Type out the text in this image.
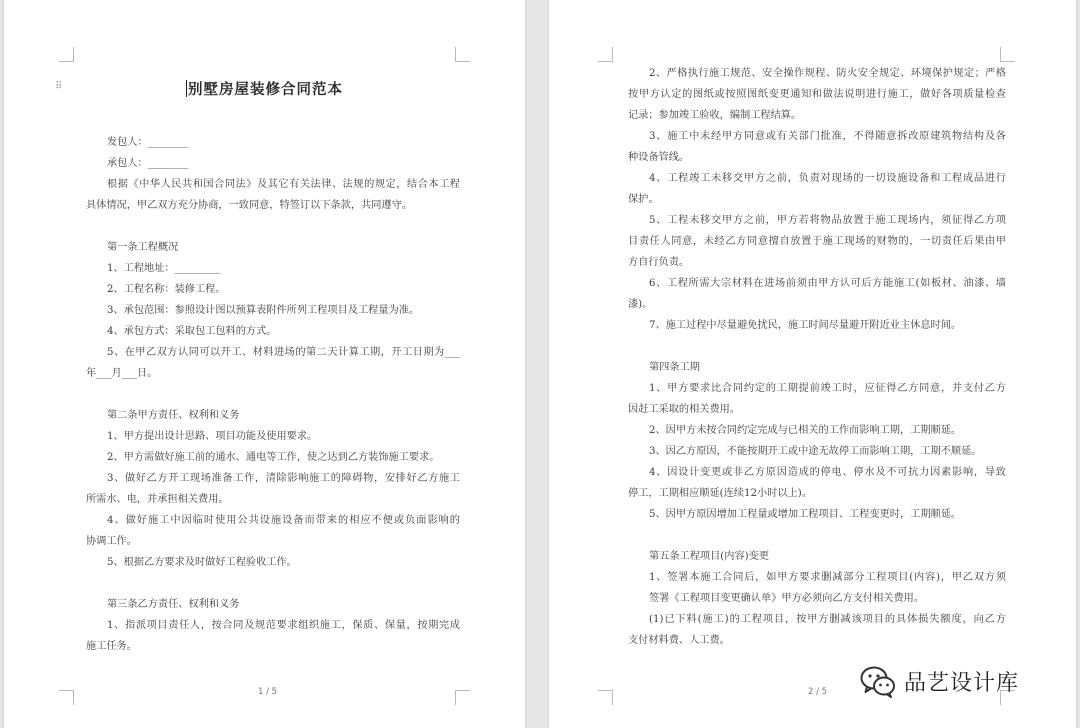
⠿	别墅房屋装修合同范本
发包人：________
承包人：________
根据《中华人民共和国合同法》及其它有关法律、法规的规定，结合本工程
具体情况，甲乙双方充分协商，一致同意，特签订以下条款，共同遵守。
第一条工程概况
1、工程地址：_________
2、工程名称：装修工程。
3、承包范围：参照设计图以预算表附件所列工程项目及工程量为准。
4、承包方式：采取包工包料的方式。
5、在甲乙双方认同可以开工、材料进场的第二天计算工期，开工日期为___
年___月___日。
第二条甲方责任、权利和义务
1、甲方提出设计思路、项目功能及使用要求。
2、甲方需做好施工前的通水、通电等工作，使之达到乙方装饰施工要求。
3、做好乙方开工现场准备工作，清除影响施工的障碍物，安排好乙方施工
所需水、电，并承担相关费用。
4、做好施工中因临时使用公共设施设备而带来的相应不便或负面影响的
协调工作。
5、根据乙方要求及时做好工程验收工作。
第三条乙方责任、权利和义务
1、指派项目责任人，按合同及规范要求组织施工，保质、保量，按期完成
施工任务。
1 / 5	2 / 5
2、严格执行施工规范、安全操作规程、防火安全规定、环境保护规定；严格
按甲方认定的图纸或按照图纸变更通知和做法说明进行施工，做好各项质量检查
记录；参加竣工验收，编制工程结算。
3、施工中未经甲方同意或有关部门批准，不得随意拆改原建筑物结构及各
种设备管线。
4、工程竣工未移交甲方之前，负责对现场的一切设施设备和工程成品进行
保护。
5、工程未移交甲方之前，甲方若将物品放置于施工现场内，须征得乙方项
目责任人同意，未经乙方同意擅自放置于施工现场的财物的，一切责任后果由甲
方自行负责。
6、工程所需大宗材料在进场前须由甲方认可后方能施工(如板材、油漆、墙
漆)。
7、施工过程中尽量避免扰民，施工时间尽量避开附近业主休息时间。
第四条工期
1、甲方要求比合同约定的工期提前竣工时，应征得乙方同意，并支付乙方
因赶工采取的相关费用。
2、因甲方未按合同约定完成与已相关的工作而影响工期，工期顺延。
3、因乙方原因，不能按期开工或中途无故停工而影响工期，工期不顺延。
4、因设计变更或非乙方原因造成的停电、停水及不可抗力因素影响，导致
停工，工期相应顺延(连续12小时以上)。
5、因甲方原因增加工程量或增加工程项目、工程变更时，工期顺延。
第五条工程项目(内容)变更
1、签署本施工合同后，如甲方要求删减部分工程项目(内容)，甲乙双方须
签署《工程项目变更确认单》甲方必须向乙方支付相关费用。
(1)已下料(施工)的工程项目，按甲方删减该项目的具体损失额度，向乙方
支付材料费、人工费。
品艺设计库
